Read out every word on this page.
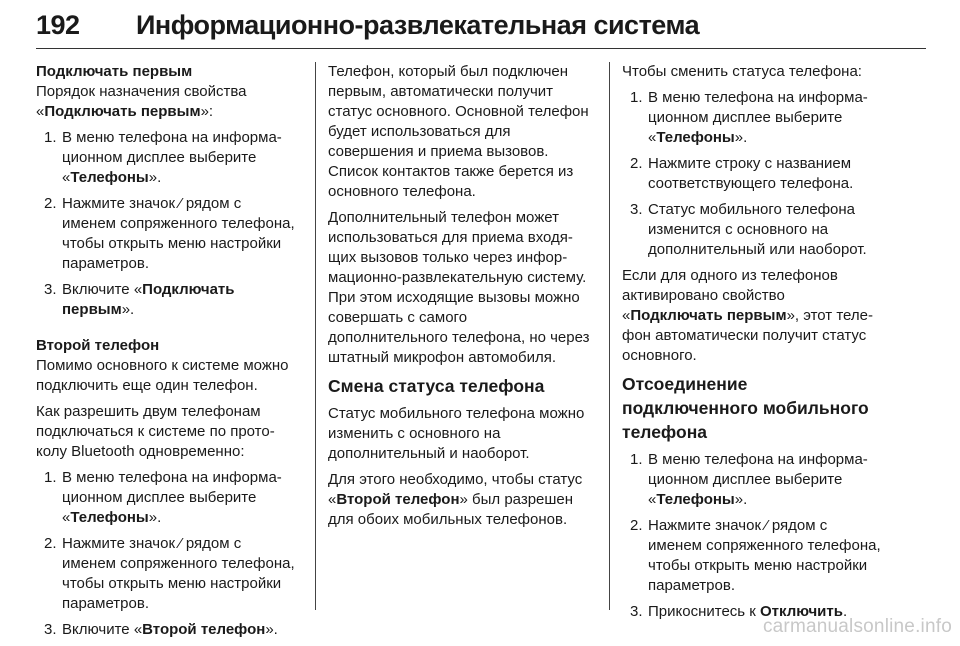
192 Информационно-развлекательная система

Подключать первым

Порядок назначения свойства
«Подключать первым»:

1. В меню телефона на информационном дисплее выберите «Телефоны».
2. Нажмите значок ⁄ рядом с именем сопряженного телефона, чтобы открыть меню настройки параметров.
3. Включите «Подключать первым».

Второй телефон

Помимо основного к системе можно подключить еще один телефон.

Как разрешить двум телефонам подключаться к системе по протоколу Bluetooth одновременно:

1. В меню телефона на информационном дисплее выберите «Телефоны».
2. Нажмите значок ⁄ рядом с именем сопряженного телефона, чтобы открыть меню настройки параметров.
3. Включите «Второй телефон».

Телефон, который был подключен первым, автоматически получит статус основного. Основной телефон будет использоваться для совершения и приема вызовов. Список контактов также берется из основного телефона.

Дополнительный телефон может использоваться для приема входящих вызовов только через информационно-развлекательную систему. При этом исходящие вызовы можно совершать с самого дополнительного телефона, но через штатный микрофон автомобиля.

Смена статуса телефона

Статус мобильного телефона можно изменить с основного на дополнительный и наоборот.

Для этого необходимо, чтобы статус «Второй телефон» был разрешен для обоих мобильных телефонов.

Чтобы сменить статуса телефона:

1. В меню телефона на информационном дисплее выберите «Телефоны».
2. Нажмите строку с названием соответствующего телефона.
3. Статус мобильного телефона изменится с основного на дополнительный или наоборот.

Если для одного из телефонов активировано свойство «Подключать первым», этот телефон автоматически получит статус основного.

Отсоединение подключенного мобильного телефона

1. В меню телефона на информационном дисплее выберите «Телефоны».
2. Нажмите значок ⁄ рядом с именем сопряженного телефона, чтобы открыть меню настройки параметров.
3. Прикоснитесь к Отключить.
carmanualsonline.info
